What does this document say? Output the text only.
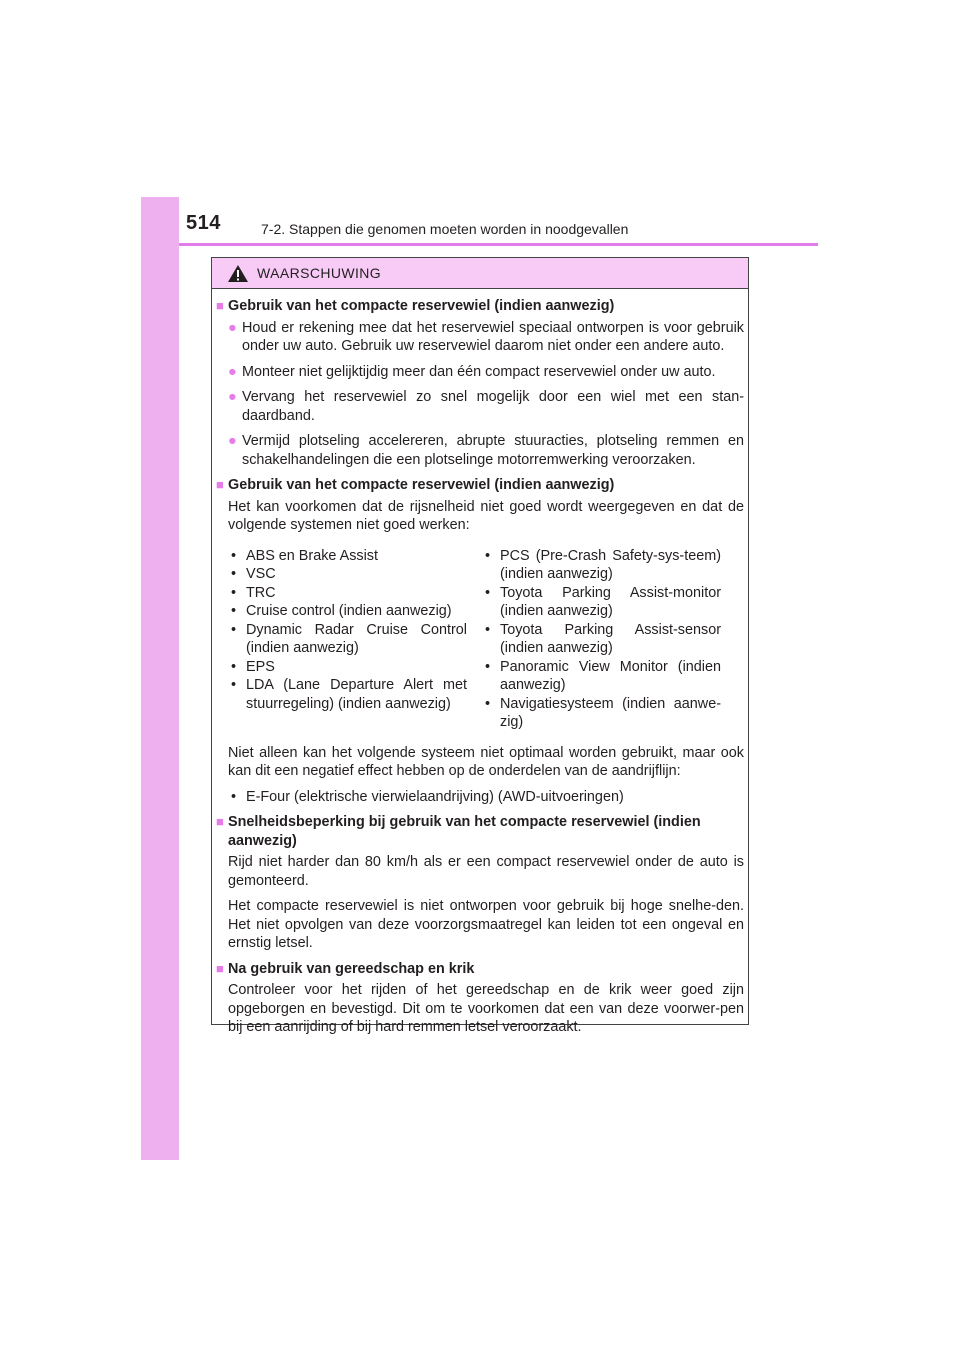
514	7-2. Stappen die genomen moeten worden in noodgevallen
WAARSCHUWING
■ Gebruik van het compacte reservewiel (indien aanwezig)
● Houd er rekening mee dat het reservewiel speciaal ontworpen is voor gebruik onder uw auto. Gebruik uw reservewiel daarom niet onder een andere auto.
● Monteer niet gelijktijdig meer dan één compact reservewiel onder uw auto.
● Vervang het reservewiel zo snel mogelijk door een wiel met een stan-daardband.
● Vermijd plotseling accelereren, abrupte stuuracties, plotseling remmen en schakelhandelingen die een plotselinge motorremwerking veroorzaken.
■ Gebruik van het compacte reservewiel (indien aanwezig)
Het kan voorkomen dat de rijsnelheid niet goed wordt weergegeven en dat de volgende systemen niet goed werken:
• ABS en Brake Assist
• VSC
• TRC
• Cruise control (indien aanwezig)
• Dynamic Radar Cruise Control (indien aanwezig)
• EPS
• LDA (Lane Departure Alert met stuurregeling) (indien aanwezig)
• PCS (Pre-Crash Safety-sys-teem) (indien aanwezig)
• Toyota Parking Assist-monitor (indien aanwezig)
• Toyota Parking Assist-sensor (indien aanwezig)
• Panoramic View Monitor (indien aanwezig)
• Navigatiesysteem (indien aanwe-zig)
Niet alleen kan het volgende systeem niet optimaal worden gebruikt, maar ook kan dit een negatief effect hebben op de onderdelen van de aandrijflijn:
• E-Four (elektrische vierwielaandrijving) (AWD-uitvoeringen)
■ Snelheidsbeperking bij gebruik van het compacte reservewiel (indien aanwezig)
Rijd niet harder dan 80 km/h als er een compact reservewiel onder de auto is gemonteerd.
Het compacte reservewiel is niet ontworpen voor gebruik bij hoge snelhe-den. Het niet opvolgen van deze voorzorgsmaatregel kan leiden tot een ongeval en ernstig letsel.
■ Na gebruik van gereedschap en krik
Controleer voor het rijden of het gereedschap en de krik weer goed zijn opgeborgen en bevestigd. Dit om te voorkomen dat een van deze voorwer-pen bij een aanrijding of bij hard remmen letsel veroorzaakt.
